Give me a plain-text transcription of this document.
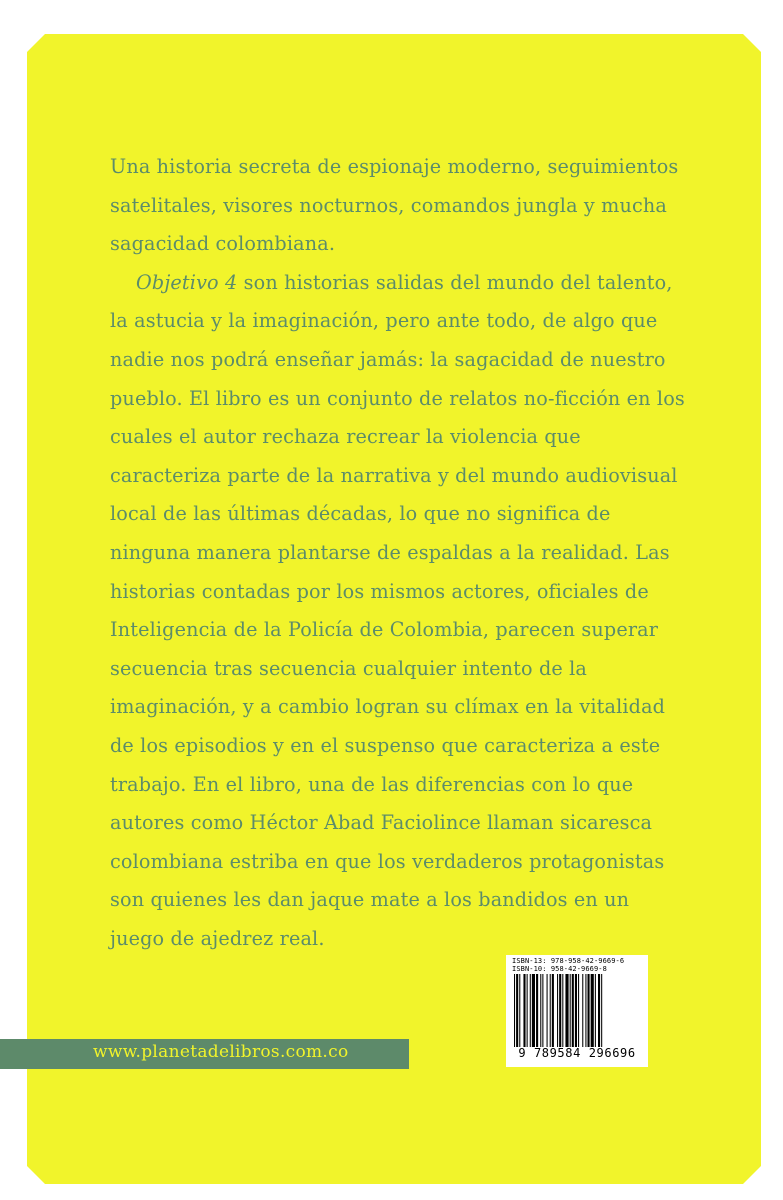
Una historia secreta de espionaje moderno, seguimientos satelitales, visores nocturnos, comandos jungla y mucha sagacidad colombiana.

Objetivo 4 son historias salidas del mundo del talento, la astucia y la imaginación, pero ante todo, de algo que nadie nos podrá enseñar jamás: la sagacidad de nuestro pueblo. El libro es un conjunto de relatos no-ficción en los cuales el autor rechaza recrear la violencia que caracteriza parte de la narrativa y del mundo audiovisual local de las últimas décadas, lo que no significa de ninguna manera plantarse de espaldas a la realidad. Las historias contadas por los mismos actores, oficiales de Inteligencia de la Policía de Colombia, parecen superar secuencia tras secuencia cualquier intento de la imaginación, y a cambio logran su clímax en la vitalidad de los episodios y en el suspenso que caracteriza a este trabajo. En el libro, una de las diferencias con lo que autores como Héctor Abad Faciolince llaman sicaresca colombiana estriba en que los verdaderos protagonistas son quienes les dan jaque mate a los bandidos en un juego de ajedrez real.

www.planetadelibros.com.co
ISBN-13: 978-958-42-9669-6
ISBN-10: 958-42-9669-8
9 789584 296696
